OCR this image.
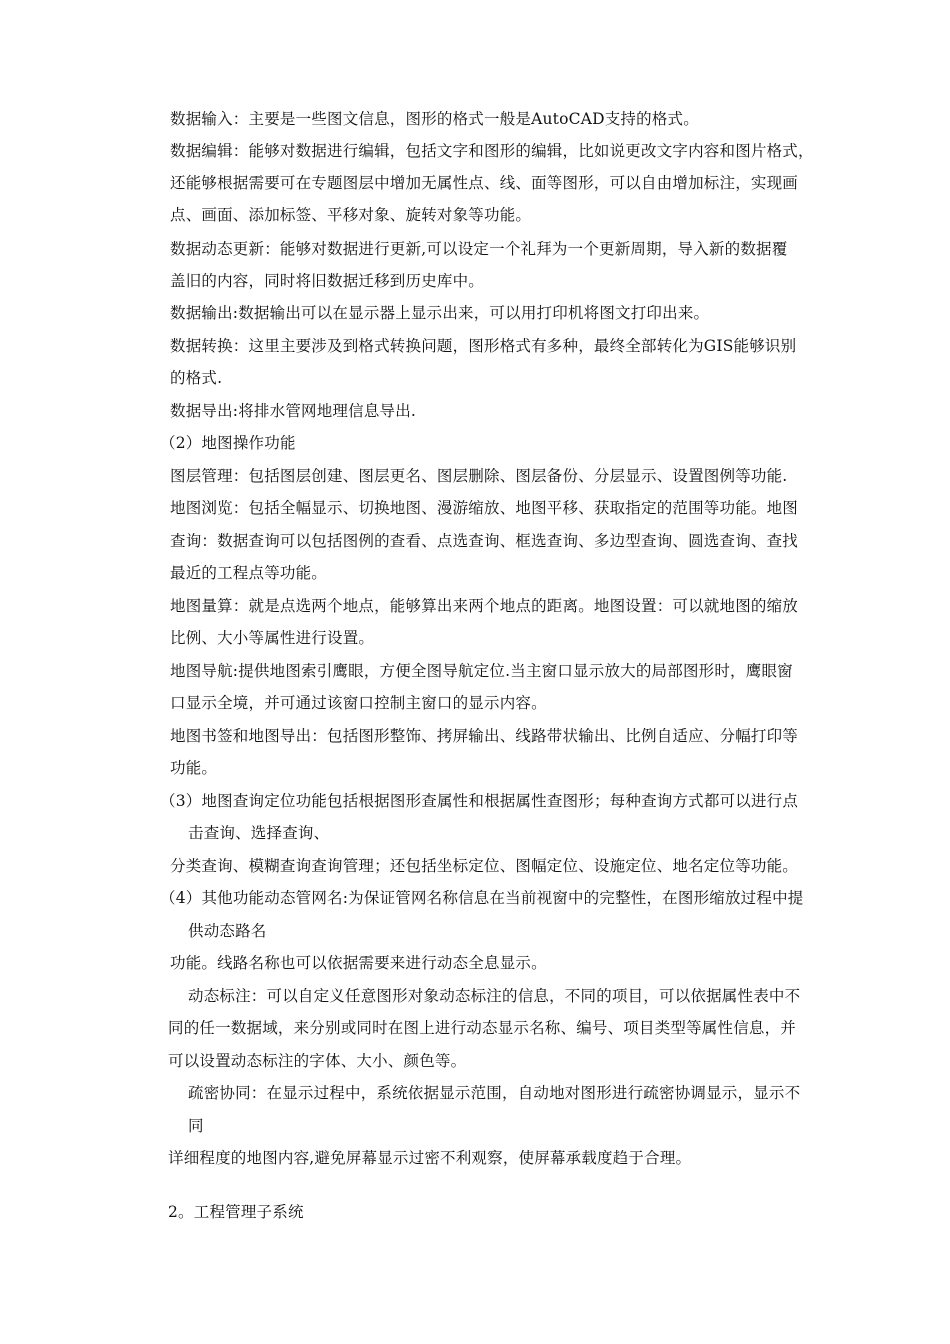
数据输入：主要是一些图文信息，图形的格式一般是AutoCAD支持的格式。
数据编辑：能够对数据进行编辑，包括文字和图形的编辑，比如说更改文字内容和图片格式，
还能够根据需要可在专题图层中增加无属性点、线、面等图形，可以自由增加标注，实现画
点、画面、添加标签、平移对象、旋转对象等功能。
数据动态更新：能够对数据进行更新,可以设定一个礼拜为一个更新周期，导入新的数据覆
盖旧的内容，同时将旧数据迁移到历史库中。
数据输出:数据输出可以在显示器上显示出来，可以用打印机将图文打印出来。
数据转换：这里主要涉及到格式转换问题，图形格式有多种，最终全部转化为GIS能够识别
的格式.
数据导出:将排水管网地理信息导出.
（2）地图操作功能
图层管理：包括图层创建、图层更名、图层删除、图层备份、分层显示、设置图例等功能.
地图浏览：包括全幅显示、切换地图、漫游缩放、地图平移、获取指定的范围等功能。地图
查询：数据查询可以包括图例的查看、点选查询、框选查询、多边型查询、圆选查询、查找
最近的工程点等功能。
地图量算：就是点选两个地点，能够算出来两个地点的距离。地图设置：可以就地图的缩放
比例、大小等属性进行设置。
地图导航:提供地图索引鹰眼，方便全图导航定位.当主窗口显示放大的局部图形时，鹰眼窗
口显示全境，并可通过该窗口控制主窗口的显示内容。
地图书签和地图导出：包括图形整饰、拷屏输出、线路带状输出、比例自适应、分幅打印等
功能。
（3）地图查询定位功能包括根据图形查属性和根据属性查图形；每种查询方式都可以进行点
击查询、选择查询、
分类查询、模糊查询查询管理；还包括坐标定位、图幅定位、设施定位、地名定位等功能。
（4）其他功能动态管网名:为保证管网名称信息在当前视窗中的完整性，在图形缩放过程中提
供动态路名
功能。线路名称也可以依据需要来进行动态全息显示。
动态标注：可以自定义任意图形对象动态标注的信息，不同的项目，可以依据属性表中不
同的任一数据域，来分别或同时在图上进行动态显示名称、编号、项目类型等属性信息，并
可以设置动态标注的字体、大小、颜色等。
疏密协同：在显示过程中，系统依据显示范围，自动地对图形进行疏密协调显示，显示不
同
详细程度的地图内容,避免屏幕显示过密不利观察，使屏幕承载度趋于合理。
2。工程管理子系统
